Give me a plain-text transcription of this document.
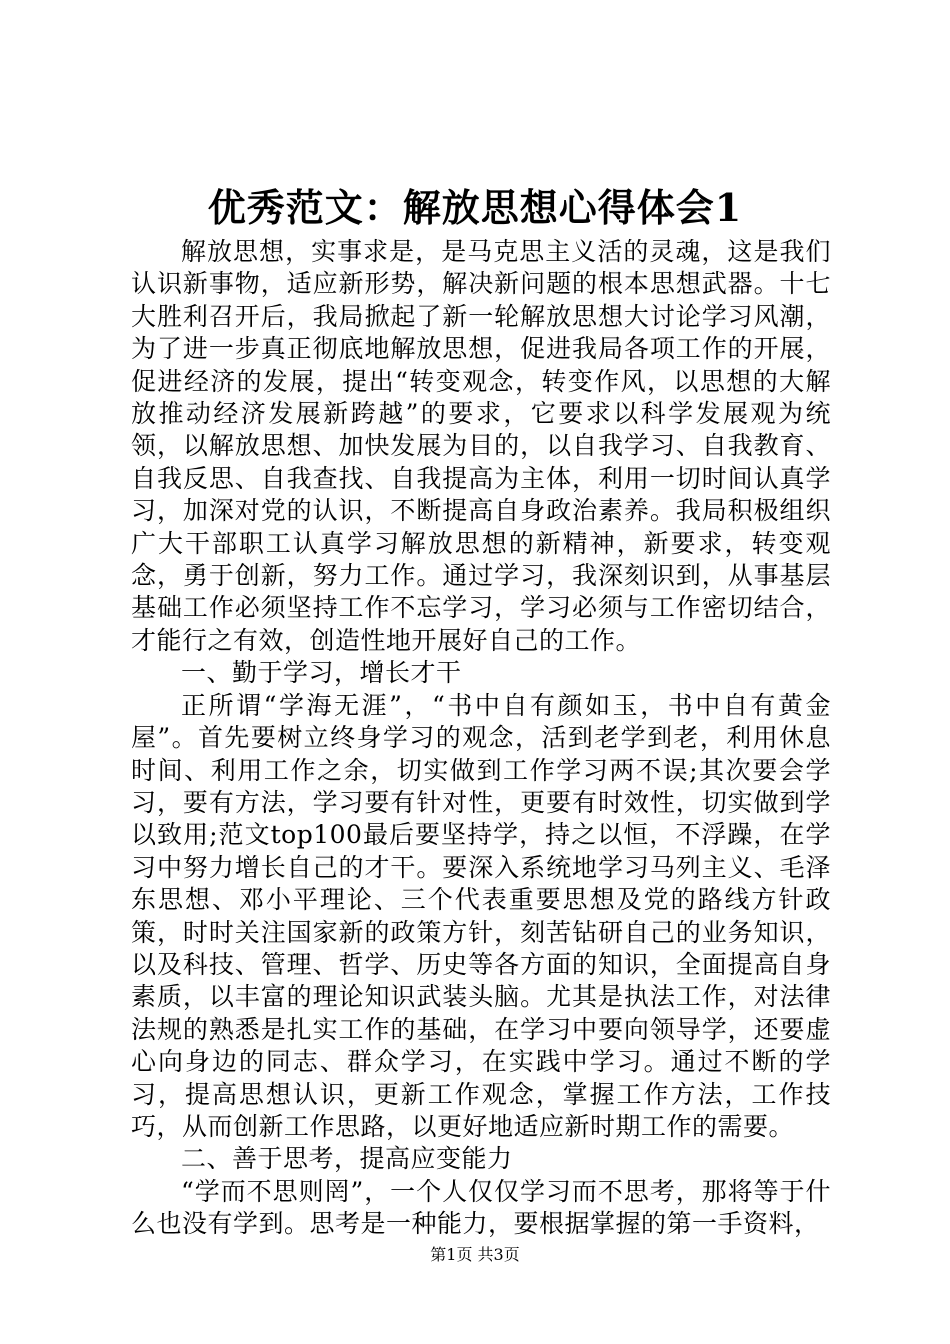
优秀范文：解放思想心得体会1

解放思想，实事求是，是马克思主义活的灵魂，这是我们认识新事物，适应新形势，解决新问题的根本思想武器。十七大胜利召开后，我局掀起了新一轮解放思想大讨论学习风潮，为了进一步真正彻底地解放思想，促进我局各项工作的开展，促进经济的发展，提出“转变观念，转变作风，以思想的大解放推动经济发展新跨越”的要求，它要求以科学发展观为统领，以解放思想、加快发展为目的，以自我学习、自我教育、自我反思、自我查找、自我提高为主体，利用一切时间认真学习，加深对党的认识，不断提高自身政治素养。我局积极组织广大干部职工认真学习解放思想的新精神，新要求，转变观念，勇于创新，努力工作。通过学习，我深刻识到，从事基层基础工作必须坚持工作不忘学习，学习必须与工作密切结合，才能行之有效，创造性地开展好自己的工作。

一、勤于学习，增长才干

正所谓“学海无涯”，“书中自有颜如玉，书中自有黄金屋”。首先要树立终身学习的观念，活到老学到老，利用休息时间、利用工作之余，切实做到工作学习两不误;其次要会学习，要有方法，学习要有针对性，更要有时效性，切实做到学以致用;范文top100最后要坚持学，持之以恒，不浮躁，在学习中努力增长自己的才干。要深入系统地学习马列主义、毛泽东思想、邓小平理论、三个代表重要思想及党的路线方针政策，时时关注国家新的政策方针，刻苦钻研自己的业务知识，以及科技、管理、哲学、历史等各方面的知识，全面提高自身素质，以丰富的理论知识武装头脑。尤其是执法工作，对法律法规的熟悉是扎实工作的基础，在学习中要向领导学，还要虚心向身边的同志、群众学习，在实践中学习。通过不断的学习，提高思想认识，更新工作观念，掌握工作方法，工作技巧，从而创新工作思路，以更好地适应新时期工作的需要。

二、善于思考，提高应变能力

“学而不思则罔”，一个人仅仅学习而不思考，那将等于什么也没有学到。思考是一种能力，要根据掌握的第一手资料，

第1页 共3页
